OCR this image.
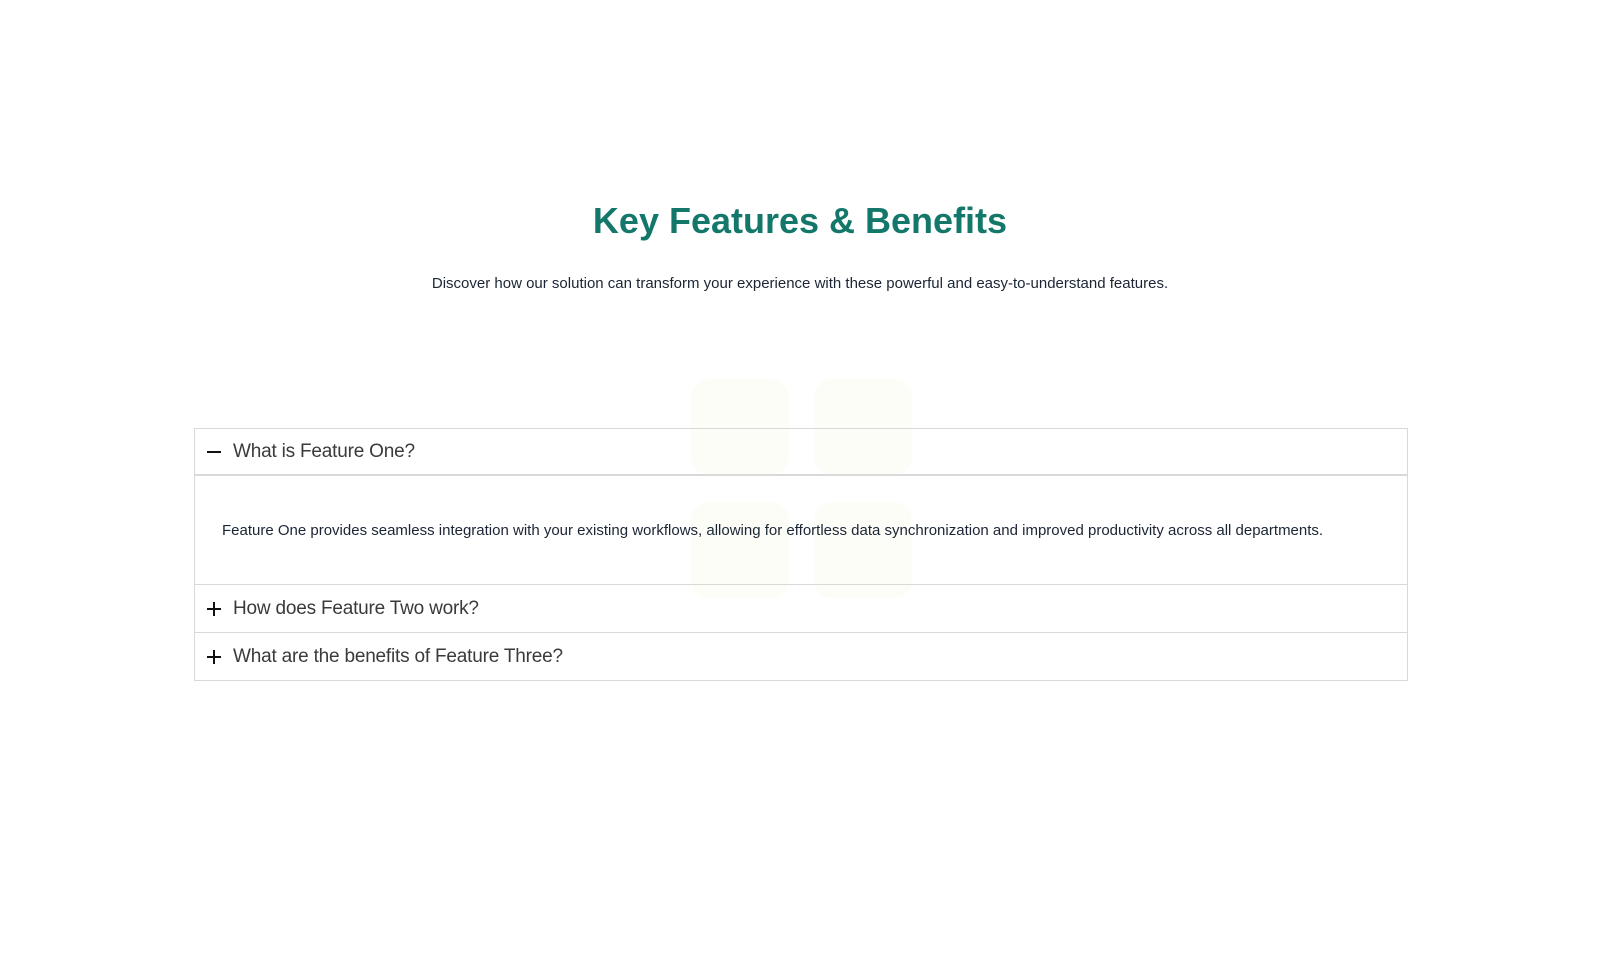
Key Features & Benefits

Discover how our solution can transform your experience with these powerful and easy-to-understand features.

What is Feature One?
Feature One provides seamless integration with your existing workflows, allowing for effortless data synchronization and improved productivity across all departments.
How does Feature Two work?
What are the benefits of Feature Three?
